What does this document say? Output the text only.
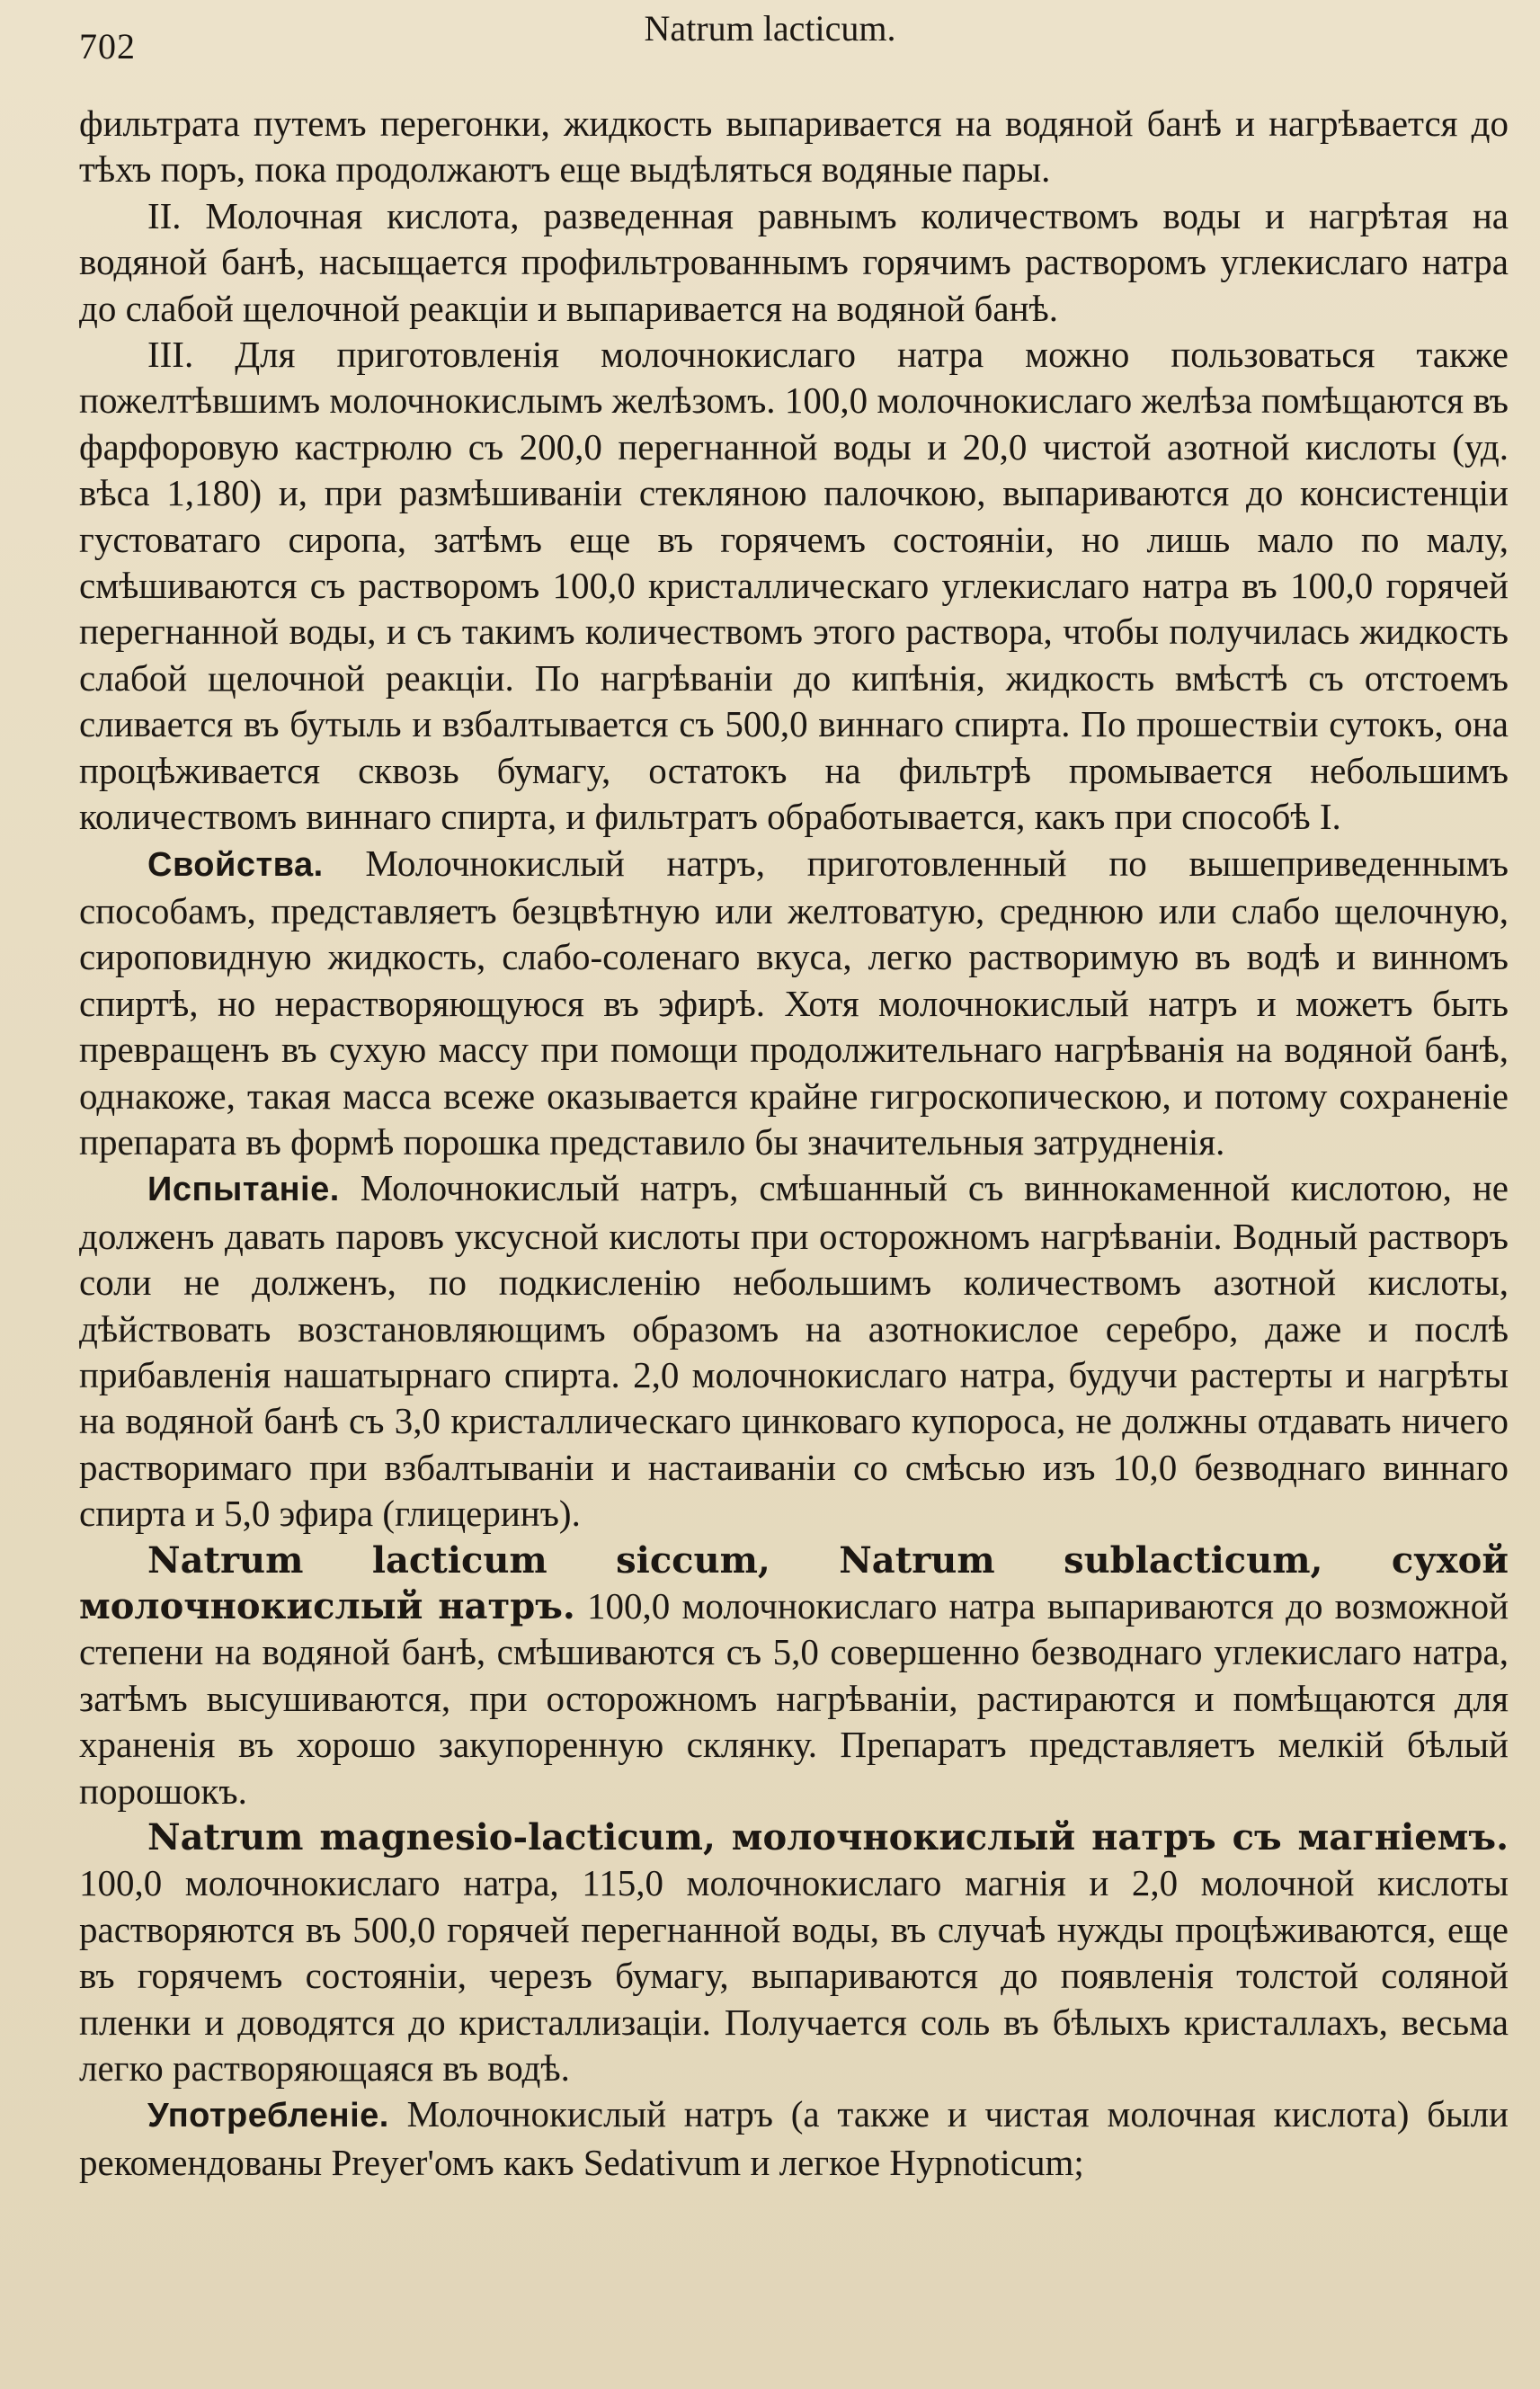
702	Natrum lacticum.

фильтрата путемъ перегонки, жидкость выпаривается на водяной банѣ и нагрѣвается до тѣхъ поръ, пока продолжаютъ еще выдѣляться водяные пары.

II. Молочная кислота, разведенная равнымъ количествомъ воды и нагрѣтая на водяной банѣ, насыщается профильтрованнымъ горячимъ растворомъ углекислаго натра до слабой щелочной реакціи и выпаривается на водяной банѣ.

III. Для приготовленія молочнокислаго натра можно пользоваться также пожелтѣвшимъ молочнокислымъ желѣзомъ. 100,0 молочнокислаго желѣза помѣщаются въ фарфоровую кастрюлю съ 200,0 перегнанной воды и 20,0 чистой азотной кислоты (уд. вѣса 1,180) и, при размѣшиваніи стекляною палочкою, выпариваются до консистенціи густоватаго сиропа, затѣмъ еще въ горячемъ состояніи, но лишь мало по малу, смѣшиваются съ растворомъ 100,0 кристаллическаго углекислаго натра въ 100,0 горячей перегнанной воды, и съ такимъ количествомъ этого раствора, чтобы получилась жидкость слабой щелочной реакціи. По нагрѣваніи до кипѣнія, жидкость вмѣстѣ съ отстоемъ сливается въ бутыль и взбалтывается съ 500,0 виннаго спирта. По прошествіи сутокъ, она процѣживается сквозь бумагу, остатокъ на фильтрѣ промывается небольшимъ количествомъ виннаго спирта, и фильтратъ обработывается, какъ при способѣ I.

Свойства. Молочнокислый натръ, приготовленный по вышеприведеннымъ способамъ, представляетъ безцвѣтную или желтоватую, среднюю или слабо щелочную, сироповидную жидкость, слабо-соленаго вкуса, легко растворимую въ водѣ и винномъ спиртѣ, но нерастворяющуюся въ эфирѣ. Хотя молочнокислый натръ и можетъ быть превращенъ въ сухую массу при помощи продолжительнаго нагрѣванія на водяной банѣ, однакоже, такая масса всеже оказывается крайне гигроскопическою, и потому сохраненіе препарата въ формѣ порошка представило бы значительныя затрудненія.

Испытаніе. Молочнокислый натръ, смѣшанный съ виннокаменной кислотою, не долженъ давать паровъ уксусной кислоты при осторожномъ нагрѣваніи. Водный растворъ соли не долженъ, по подкисленію небольшимъ количествомъ азотной кислоты, дѣйствовать возстановляющимъ образомъ на азотнокислое серебро, даже и послѣ прибавленія нашатырнаго спирта. 2,0 молочнокислаго натра, будучи растерты и нагрѣты на водяной банѣ съ 3,0 кристаллическаго цинковаго купороса, не должны отдавать ничего растворимаго при взбалтываніи и настаиваніи со смѣсью изъ 10,0 безводнаго виннаго спирта и 5,0 эфира (глицеринъ).

Natrum lacticum siccum, Natrum sublacticum, сухой молочнокислый натръ. 100,0 молочнокислаго натра выпариваются до возможной степени на водяной банѣ, смѣшиваются съ 5,0 совершенно безводнаго углекислаго натра, затѣмъ высушиваются, при осторожномъ нагрѣваніи, растираются и помѣщаются для храненія въ хорошо закупоренную склянку. Препаратъ представляетъ мелкій бѣлый порошокъ.

Natrum magnesio-lacticum, молочнокислый натръ съ магніемъ. 100,0 молочнокислаго натра, 115,0 молочнокислаго магнія и 2,0 молочной кислоты растворяются въ 500,0 горячей перегнанной воды, въ случаѣ нужды процѣживаются, еще въ горячемъ состояніи, черезъ бумагу, выпариваются до появленія толстой соляной пленки и доводятся до кристаллизаціи. Получается соль въ бѣлыхъ кристаллахъ, весьма легко растворяющаяся въ водѣ.

Употребленіе. Молочнокислый натръ (а также и чистая молочная кислота) были рекомендованы Preyer'омъ какъ Sedativum и легкое Hypnoticum;
